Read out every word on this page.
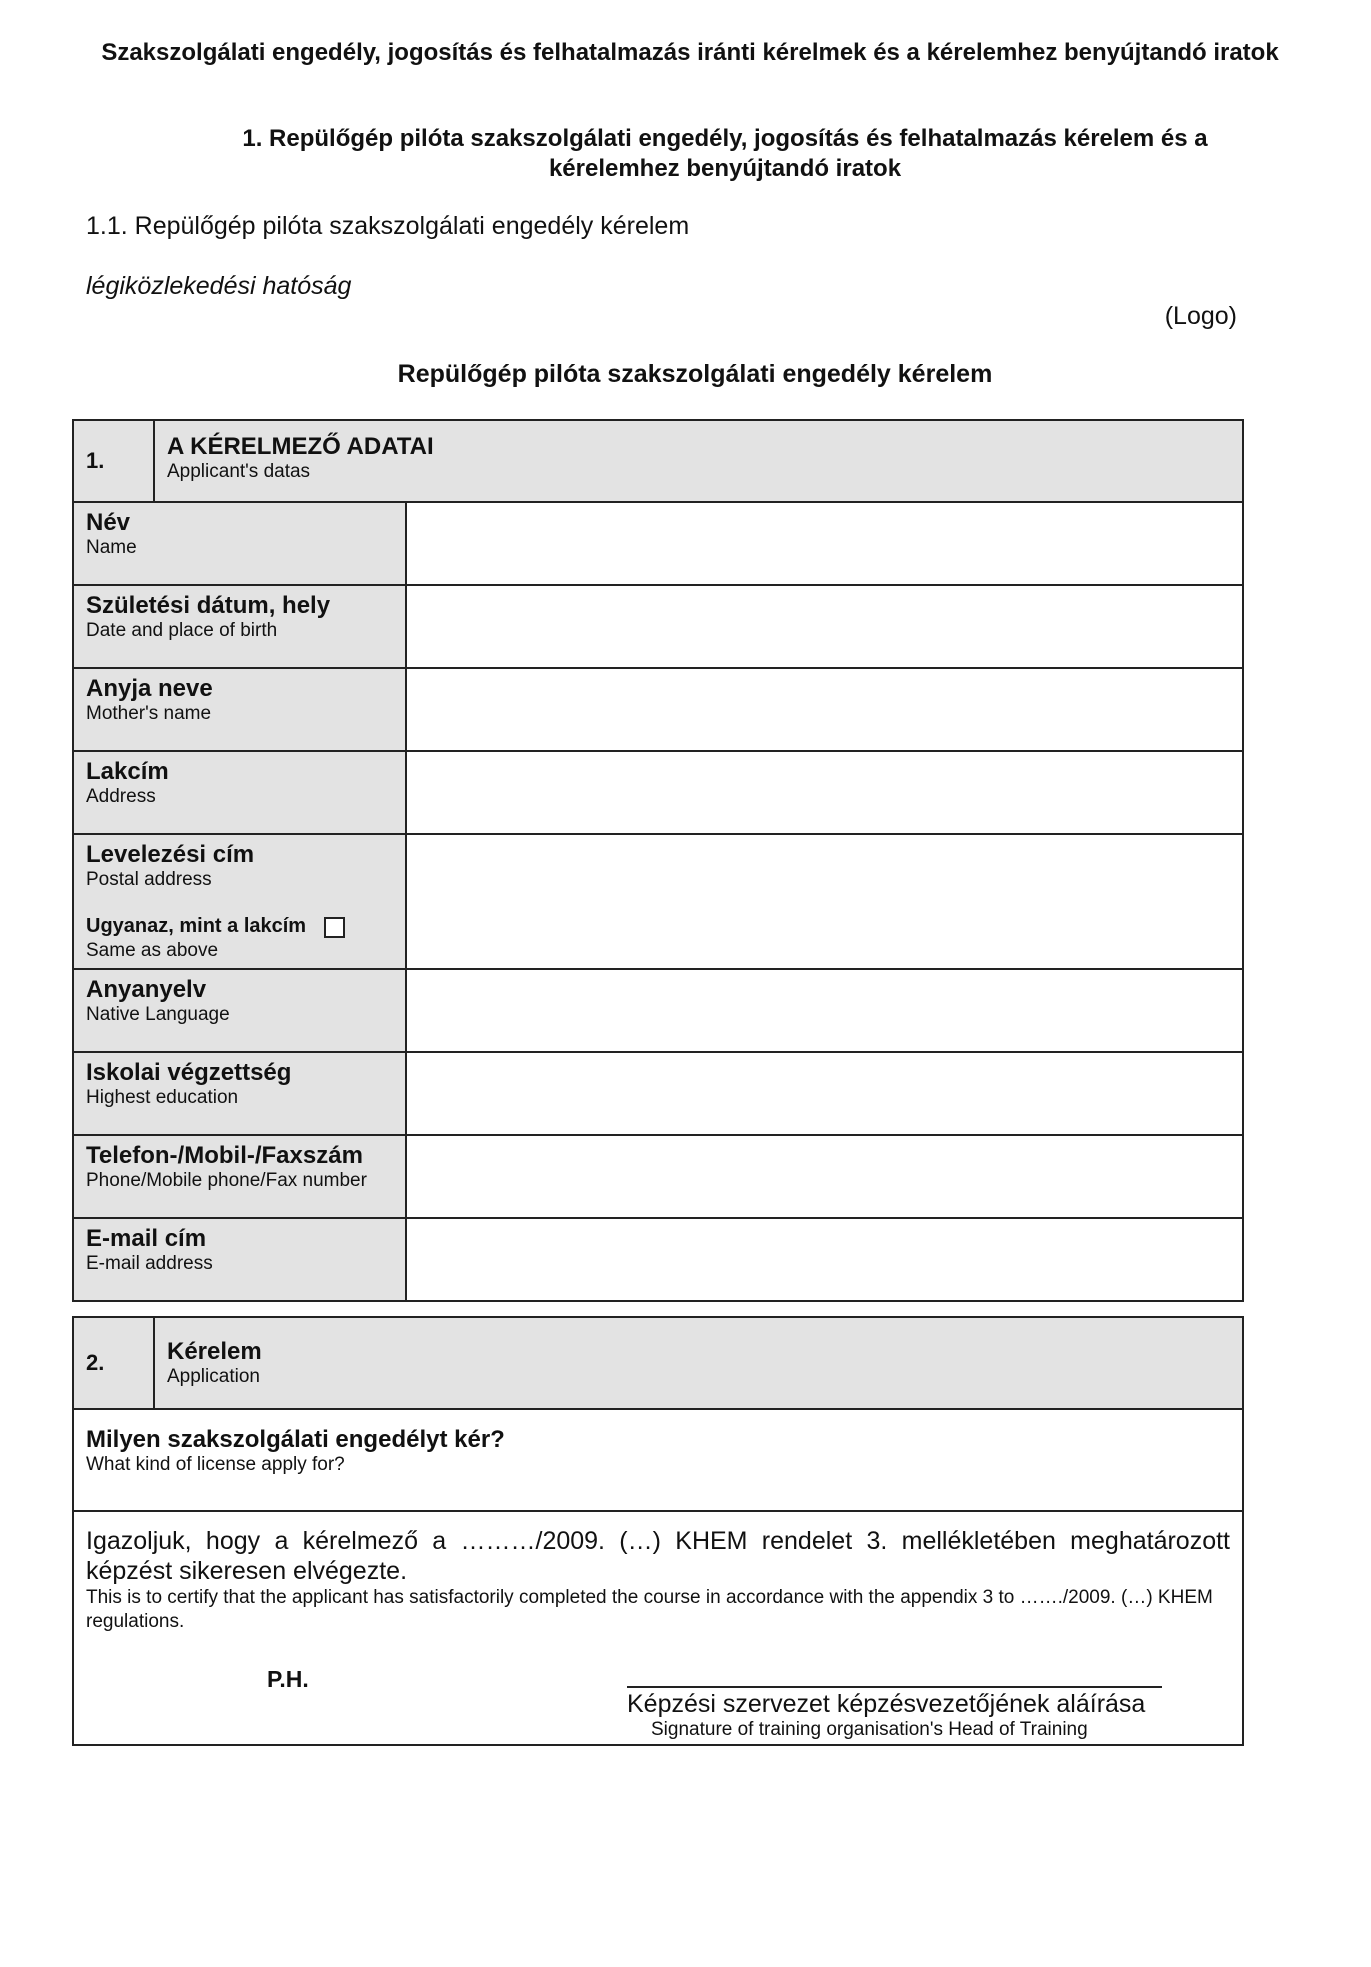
Szakszolgálati engedély, jogosítás és felhatalmazás iránti kérelmek és a kérelemhez benyújtandó iratok
1. Repülőgép pilóta szakszolgálati engedély, jogosítás és felhatalmazás kérelem és a kérelemhez benyújtandó iratok
1.1. Repülőgép pilóta szakszolgálati engedély kérelem
légiközlekedési hatóság
(Logo)
Repülőgép pilóta szakszolgálati engedély kérelem
1.	A KÉRELMEZŐ ADATAI
Applicant's datas	

Név
Name		

Születési dátum, hely
Date and place of birth		

Anyja neve
Mother's name		

Lakcím
Address		

Levelezési cím
Postal address
Ugyanaz, mint a lakcím
Same as above		

Anyanyelv
Native Language		

Iskolai végzettség
Highest education		

Telefon-/Mobil-/Faxszám
Phone/Mobile phone/Fax number		

E-mail cím
E-mail address		

2.	Kérelem
Application

Milyen szakszolgálati engedélyt kér?
What kind of license apply for?

Igazoljuk, hogy a kérelmező a ………/2009. (…) KHEM rendelet 3. mellékletében meghatározott képzést sikeresen elvégezte.
This is to certify that the applicant has satisfactorily completed the course in accordance with the appendix 3 to ……./2009. (…) KHEM regulations.
P.H.
Képzési szervezet képzésvezetőjének aláírása
Signature of training organisation's Head of Training
